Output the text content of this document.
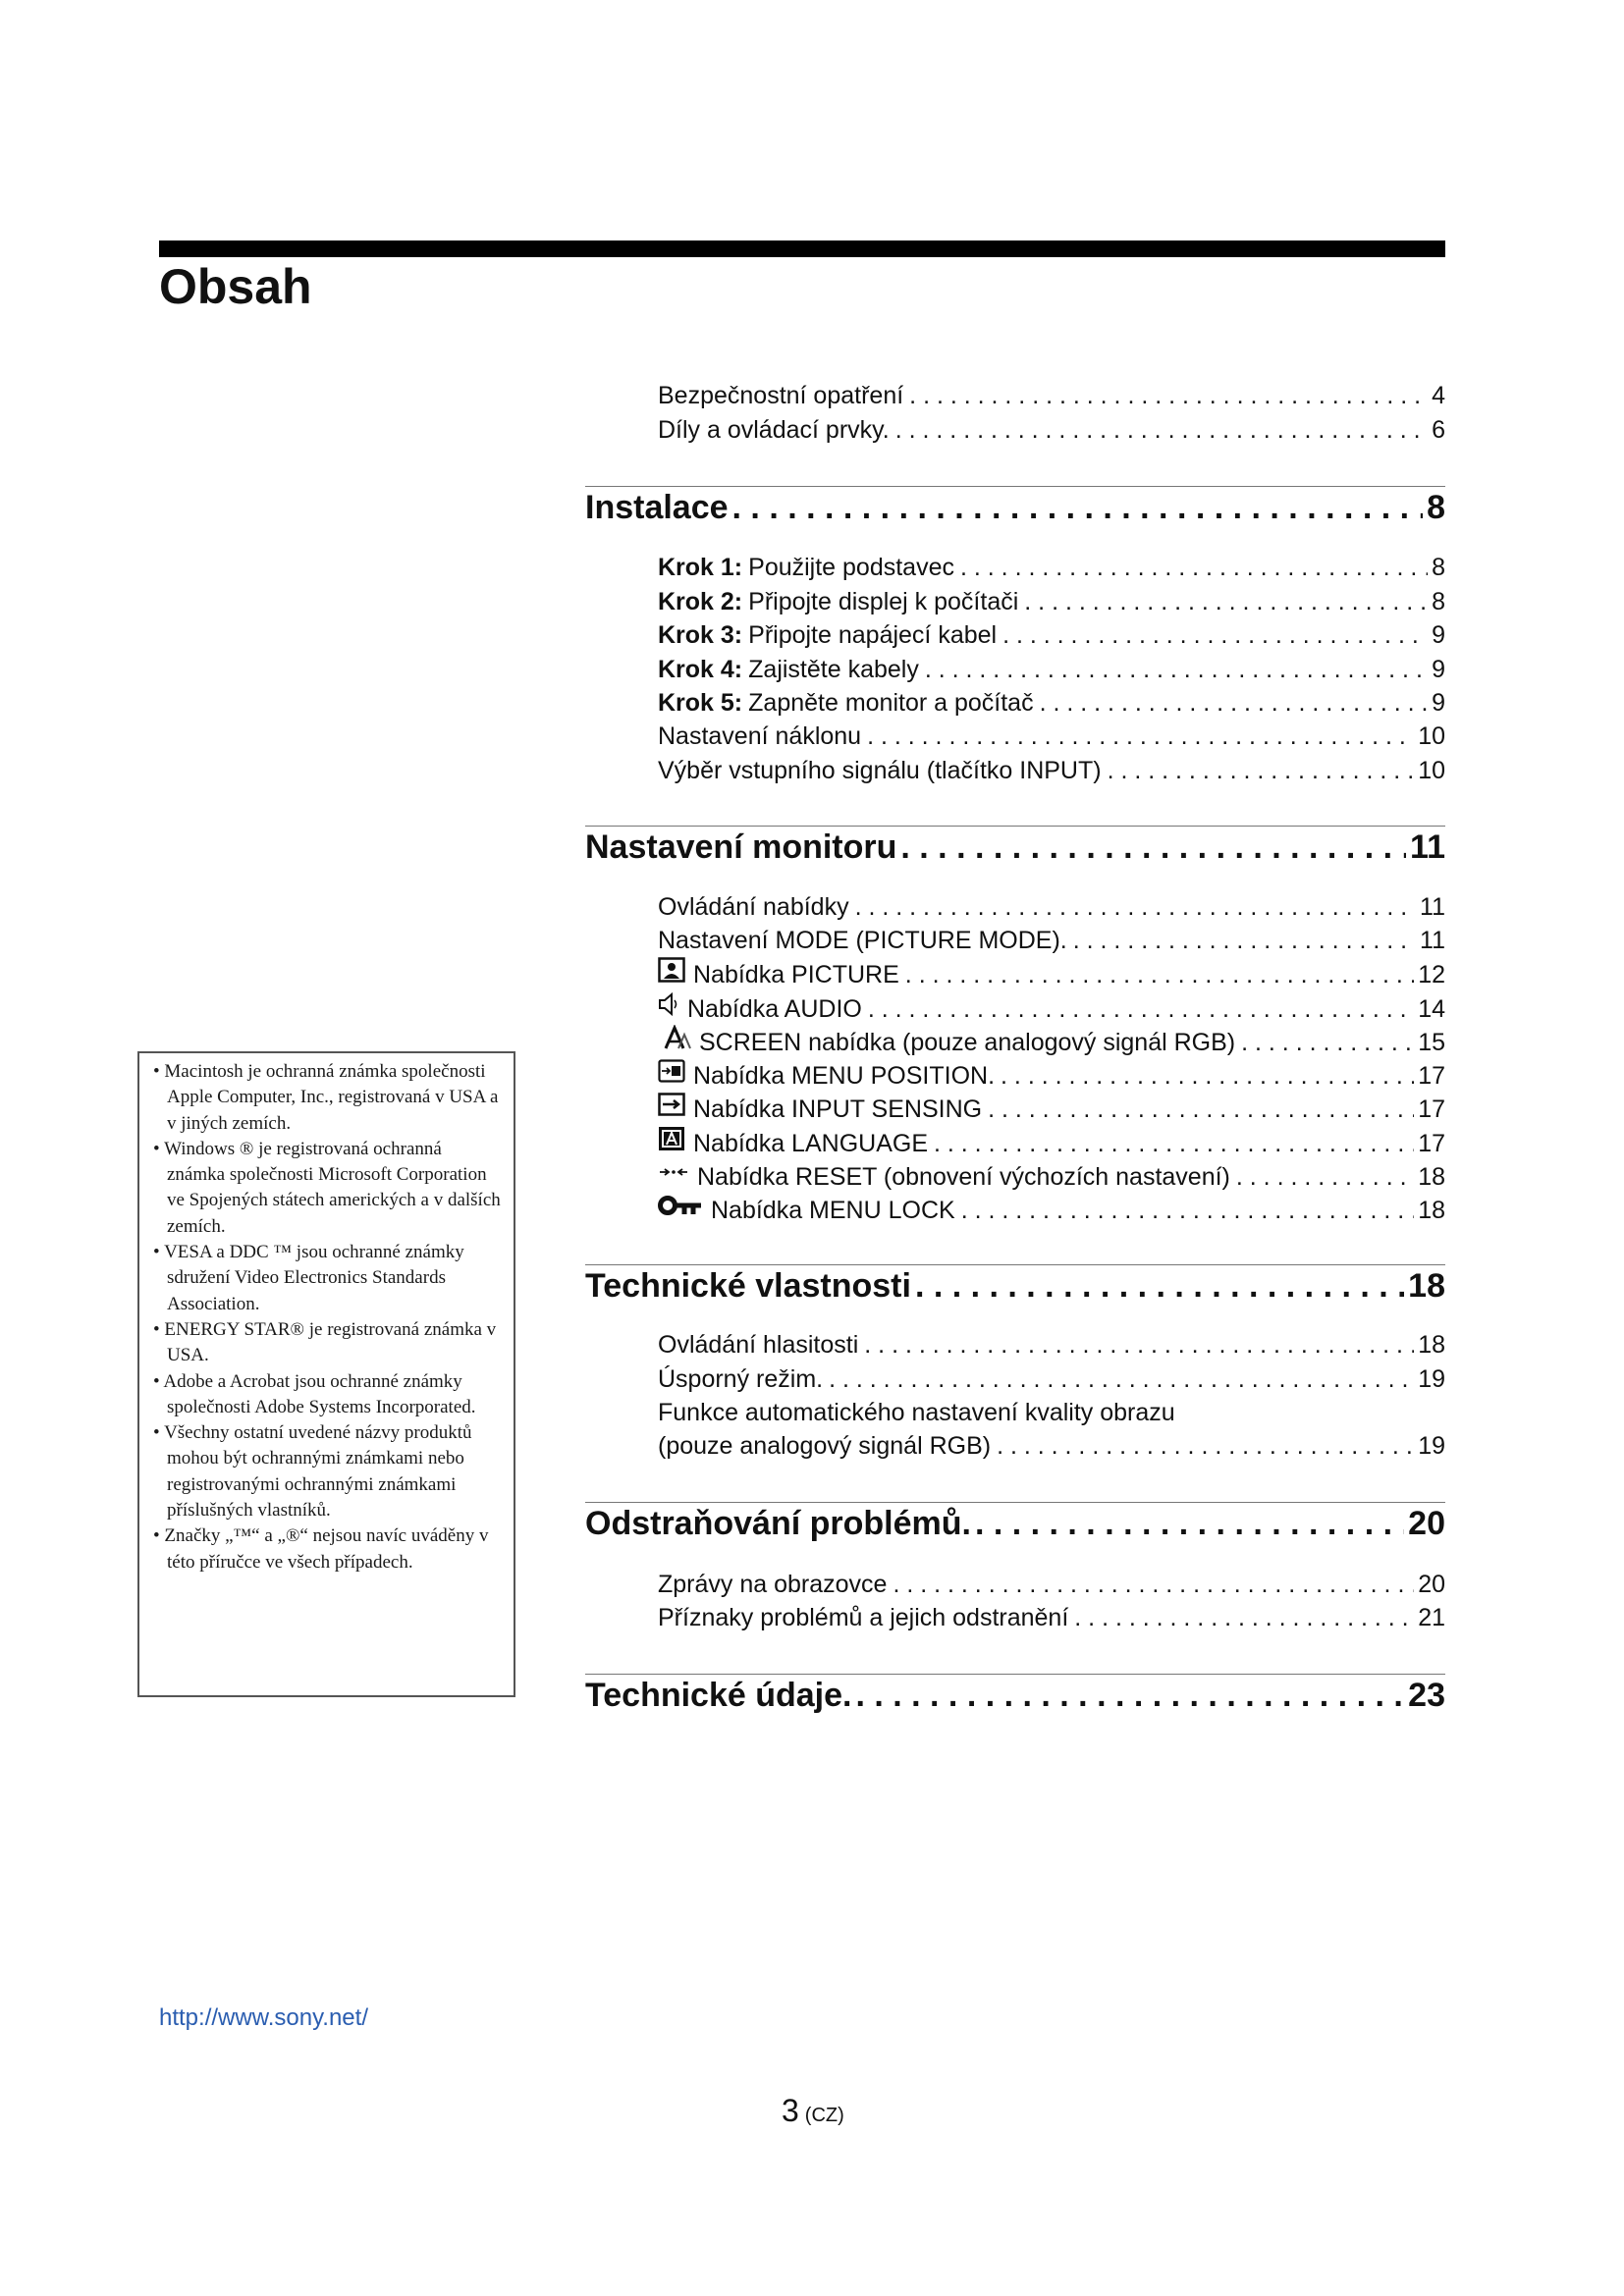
Obsah
Bezpečnostní opatření . . .	4
Díly a ovládací prvky. . . .	6
Instalace . . .	8
Krok 1: Použijte podstavec . . .	8
Krok 2: Připojte displej k počítači . . .	8
Krok 3: Připojte napájecí kabel . . .	9
Krok 4: Zajistěte kabely . . .	9
Krok 5: Zapněte monitor a počítač . . .	9
Nastavení náklonu . . .	10
Výběr vstupního signálu (tlačítko INPUT) . . .	10
Nastavení monitoru . . .	11
Ovládání nabídky . . .	11
Nastavení MODE (PICTURE MODE). . . .	11
Nabídka PICTURE . . .	12
Nabídka AUDIO . . .	14
SCREEN nabídka (pouze analogový signál RGB) . . .	15
Nabídka MENU POSITION. . . .	17
Nabídka INPUT SENSING . . .	17
Nabídka LANGUAGE . . .	17
Nabídka RESET (obnovení výchozích nastavení) . . .	18
Nabídka MENU LOCK . . .	18
Technické vlastnosti . . .	18
Ovládání hlasitosti . . .	18
Úsporný režim. . . .	19
Funkce automatického nastavení kvality obrazu
(pouze analogový signál RGB) . . .	19
Odstraňování problémů. . . .	20
Zprávy na obrazovce . . .	20
Příznaky problémů a jejich odstranění . . .	21
Technické údaje. . . .	23
• Macintosh je ochranná známka společnosti Apple Computer, Inc., registrovaná v USA a v jiných zemích.
• Windows ® je registrovaná ochranná známka společnosti Microsoft Corporation ve Spojených státech amerických a v dalších zemích.
• VESA a DDC ™ jsou ochranné známky sdružení Video Electronics Standards Association.
• ENERGY STAR® je registrovaná známka v USA.
• Adobe a Acrobat jsou ochranné známky společnosti Adobe Systems Incorporated.
• Všechny ostatní uvedené názvy produktů mohou být ochrannými známkami nebo registrovanými ochrannými známkami příslušných vlastníků.
• Značky „™“ a „®“ nejsou navíc uváděny v této příručce ve všech případech.
http://www.sony.net/
3 (CZ)
